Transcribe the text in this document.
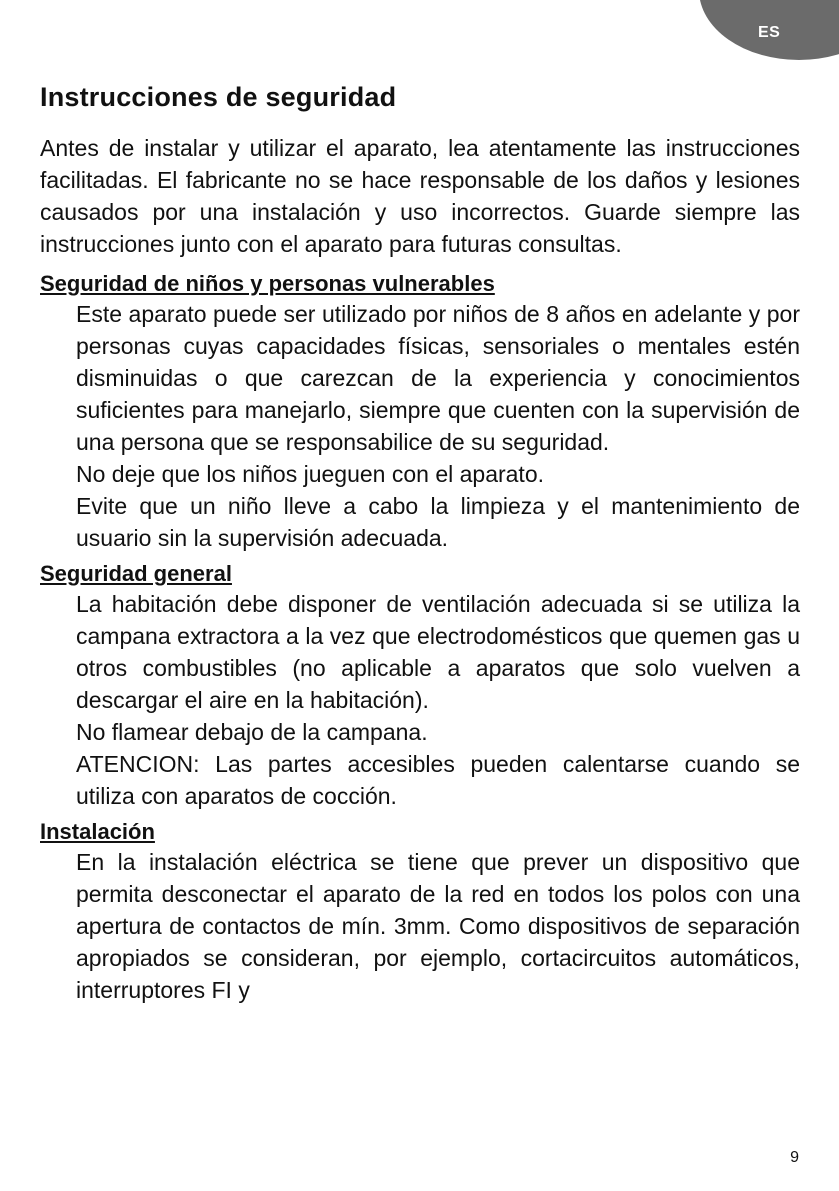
ES
Instrucciones de seguridad

Antes de instalar y utilizar el aparato, lea atentamente las instrucciones facilitadas. El fabricante no se hace responsable de los daños y lesiones causados por una instalación y uso incorrectos. Guarde siempre las instrucciones junto con el aparato para futuras consultas.

Seguridad de niños y personas vulnerables

Este aparato puede ser utilizado por niños de 8 años en adelante y por personas cuyas capacidades físicas, sensoriales o mentales estén disminuidas o que carezcan de la experiencia y conocimientos suficientes para manejarlo, siempre que cuenten con la supervisión de una persona que se responsabilice de su seguridad.

No deje que los niños jueguen con el aparato.

Evite que un niño lleve a cabo la limpieza y el mantenimiento de usuario sin la supervisión adecuada.

Seguridad general

La habitación debe disponer de ventilación adecuada si se utiliza la campana extractora a la vez que electrodomésticos que quemen gas u otros combustibles (no aplicable a aparatos que solo vuelven a descargar el aire en la habitación).

No flamear debajo de la campana.

ATENCION: Las partes accesibles pueden calentarse cuando se utiliza con aparatos de cocción.

Instalación

En la instalación eléctrica se tiene que prever un dispositivo que permita desconectar el aparato de la red en todos los polos con una apertura de contactos de mín. 3mm. Como dispositivos de separación apropiados se consideran, por ejemplo, cortacircuitos automáticos, interruptores FI y

9
